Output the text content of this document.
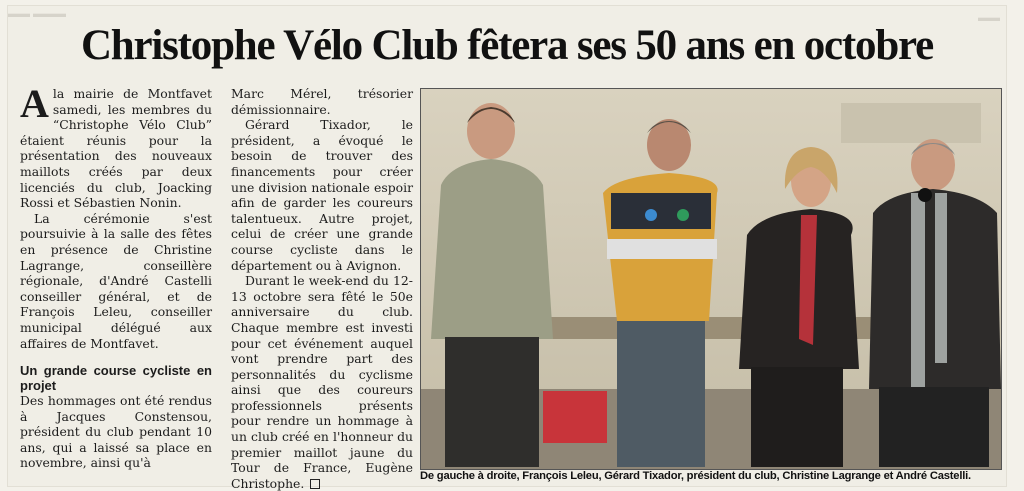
▬▬ ▬▬▬	▬▬
Christophe Vélo Club fêtera ses 50 ans en octobre

Ala mairie de Montfavet samedi, les membres du “Christophe Vélo Club” étaient réunis pour la présentation des nouveaux maillots créés par deux licenciés du club, Joacking Rossi et Sébastien Nonin.

La cérémonie s'est poursuivie à la salle des fêtes en présence de Christine Lagrange, conseillère régionale, d'André Castelli conseiller général, et de François Leleu, conseiller municipal délégué aux affaires de Montfavet.

Un grande course cycliste en projet

Des hommages ont été rendus à Jacques Constensou, président du club pendant 10 ans, qui a laissé sa place en novembre, ainsi qu'à

Marc Mérel, trésorier démissionnaire.

Gérard Tixador, le président, a évoqué le besoin de trouver des financements pour créer une division nationale espoir afin de garder les coureurs talentueux. Autre projet, celui de créer une grande course cycliste dans le département ou à Avignon.

Durant le week-end du 12-13 octobre sera fêté le 50e anniversaire du club. Chaque membre est investi pour cet événement auquel vont prendre part des personnalités du cyclisme ainsi que des coureurs professionnels présents pour rendre un hommage à un club créé en l'honneur du premier maillot jaune du Tour de France, Eugène Christophe.	De gauche à droite, François Leleu, Gérard Tixador, président du club, Christine Lagrange et André Castelli.
